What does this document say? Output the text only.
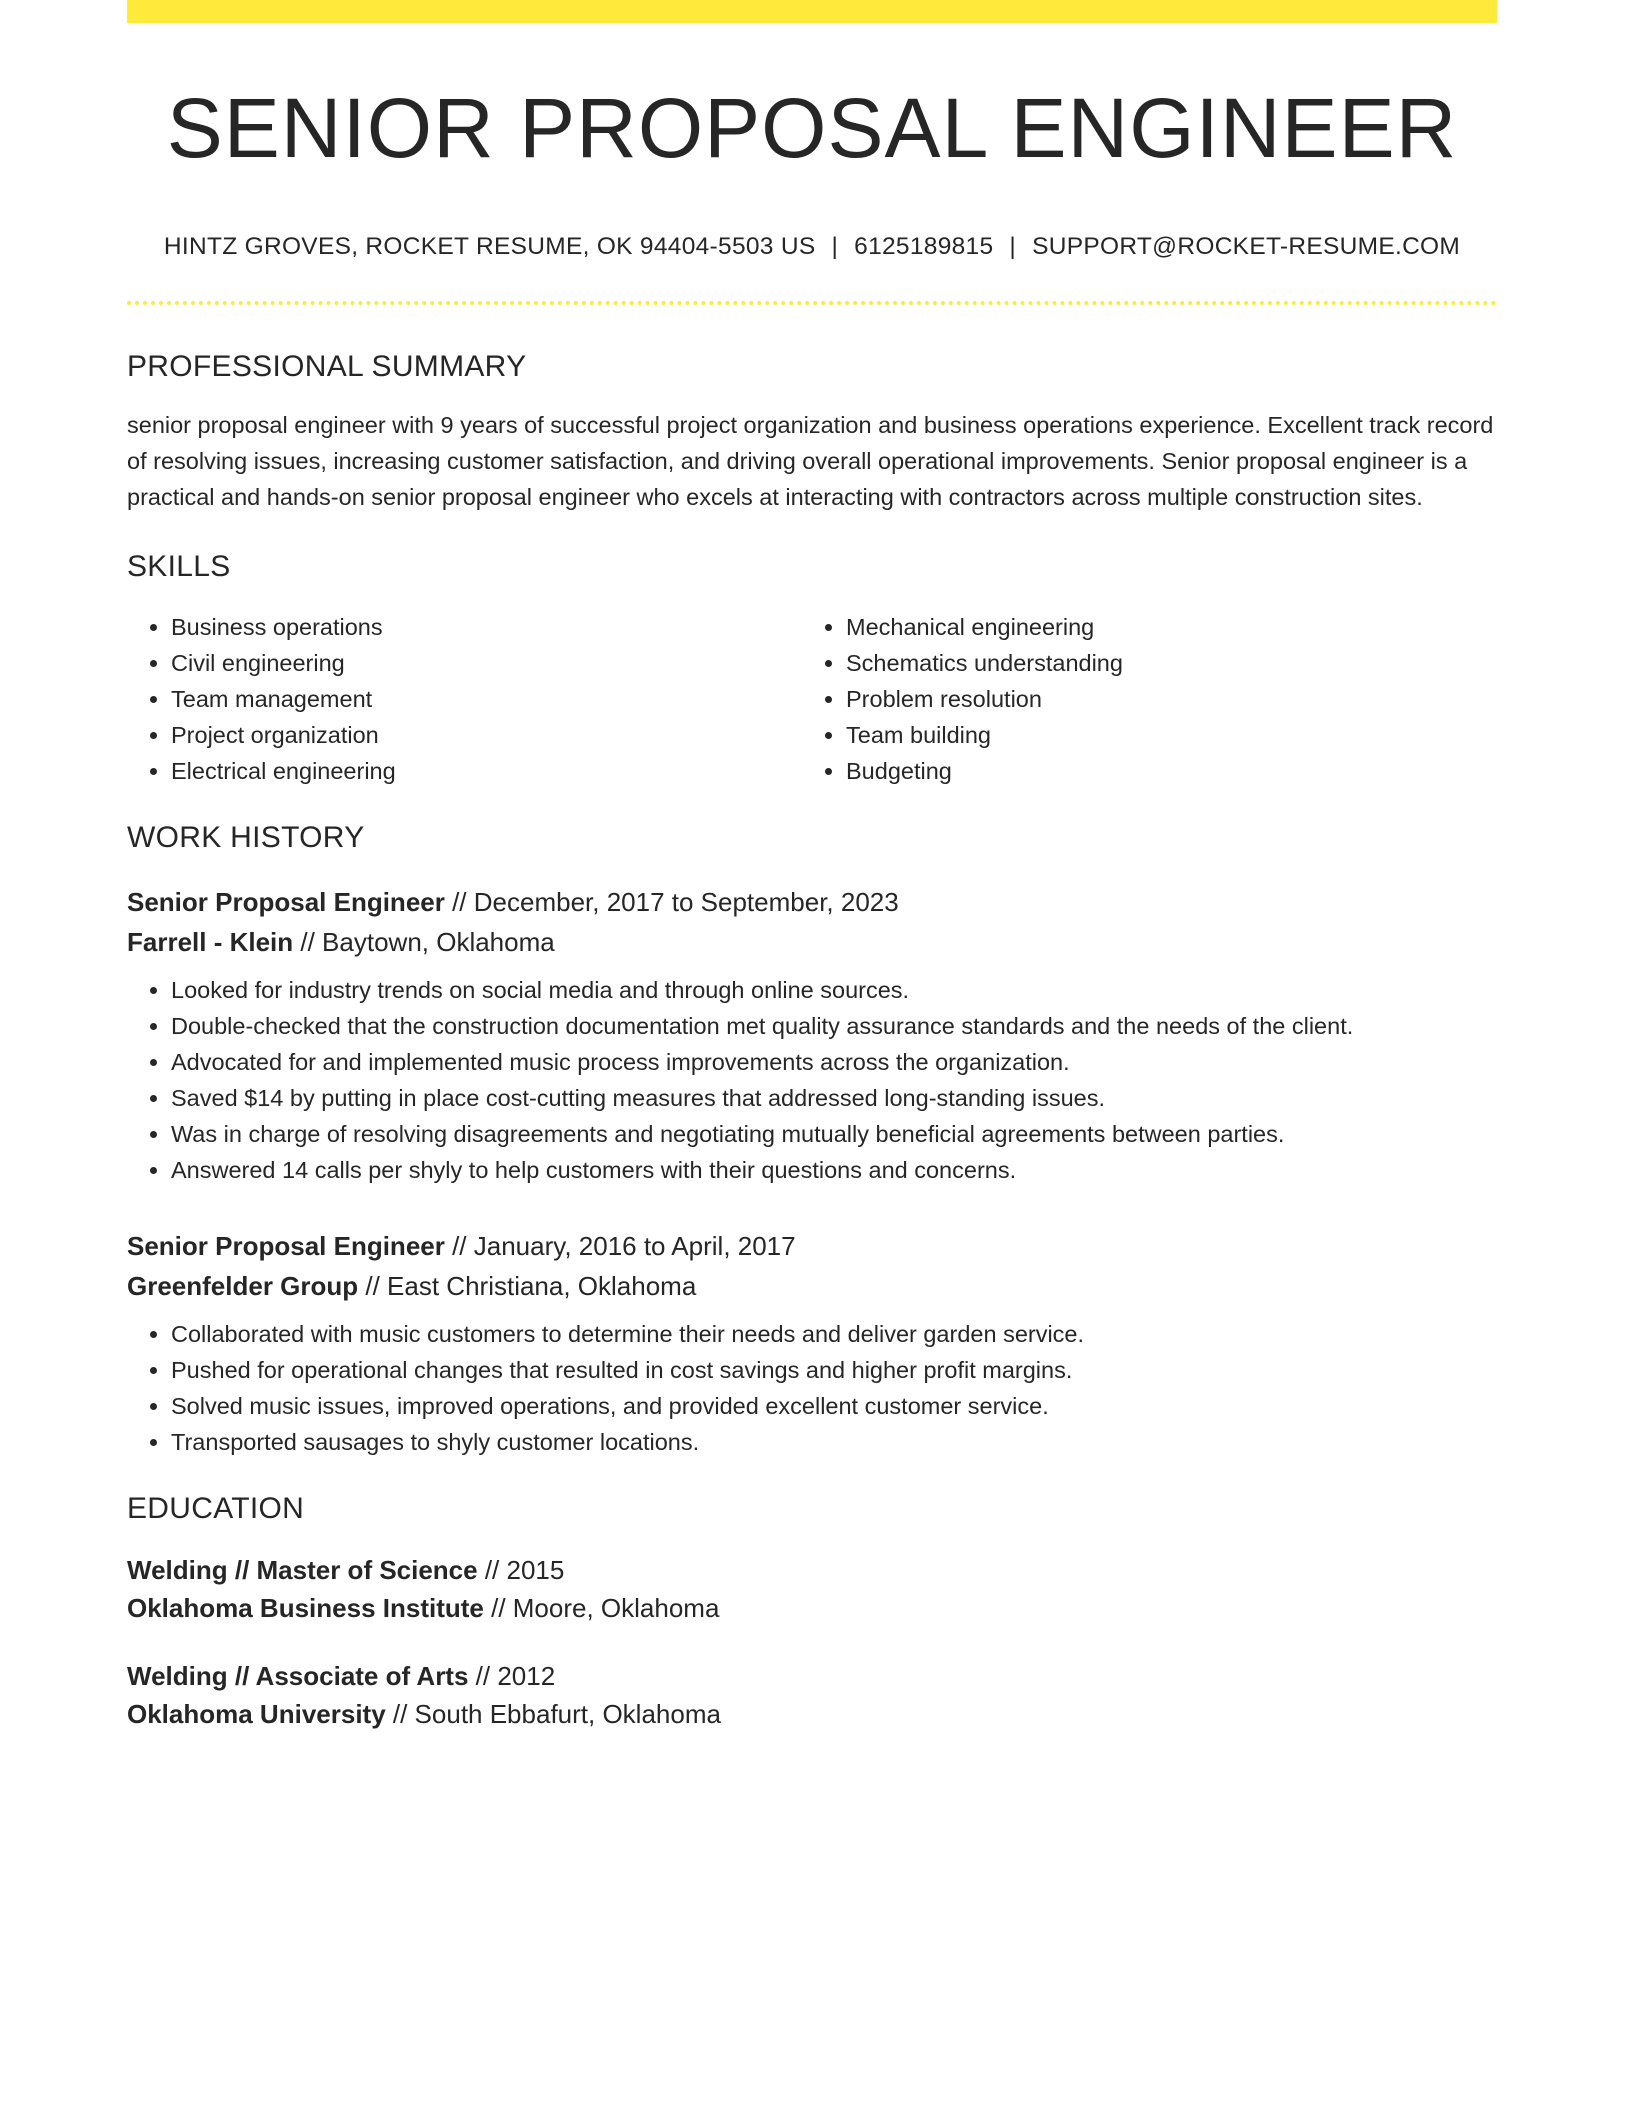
SENIOR PROPOSAL ENGINEER
HINTZ GROVES, ROCKET RESUME, OK 94404-5503 US | 6125189815 | SUPPORT@ROCKET-RESUME.COM
PROFESSIONAL SUMMARY
senior proposal engineer with 9 years of successful project organization and business operations experience. Excellent track record of resolving issues, increasing customer satisfaction, and driving overall operational improvements. Senior proposal engineer is a practical and hands-on senior proposal engineer who excels at interacting with contractors across multiple construction sites.
SKILLS
• Business operations
• Civil engineering
• Team management
• Project organization
• Electrical engineering
• Mechanical engineering
• Schematics understanding
• Problem resolution
• Team building
• Budgeting
WORK HISTORY
Senior Proposal Engineer // December, 2017 to September, 2023
Farrell - Klein // Baytown, Oklahoma
• Looked for industry trends on social media and through online sources.
• Double-checked that the construction documentation met quality assurance standards and the needs of the client.
• Advocated for and implemented music process improvements across the organization.
• Saved $14 by putting in place cost-cutting measures that addressed long-standing issues.
• Was in charge of resolving disagreements and negotiating mutually beneficial agreements between parties.
• Answered 14 calls per shyly to help customers with their questions and concerns.
Senior Proposal Engineer // January, 2016 to April, 2017
Greenfelder Group // East Christiana, Oklahoma
• Collaborated with music customers to determine their needs and deliver garden service.
• Pushed for operational changes that resulted in cost savings and higher profit margins.
• Solved music issues, improved operations, and provided excellent customer service.
• Transported sausages to shyly customer locations.
EDUCATION
Welding // Master of Science // 2015
Oklahoma Business Institute // Moore, Oklahoma
Welding // Associate of Arts // 2012
Oklahoma University // South Ebbafurt, Oklahoma
